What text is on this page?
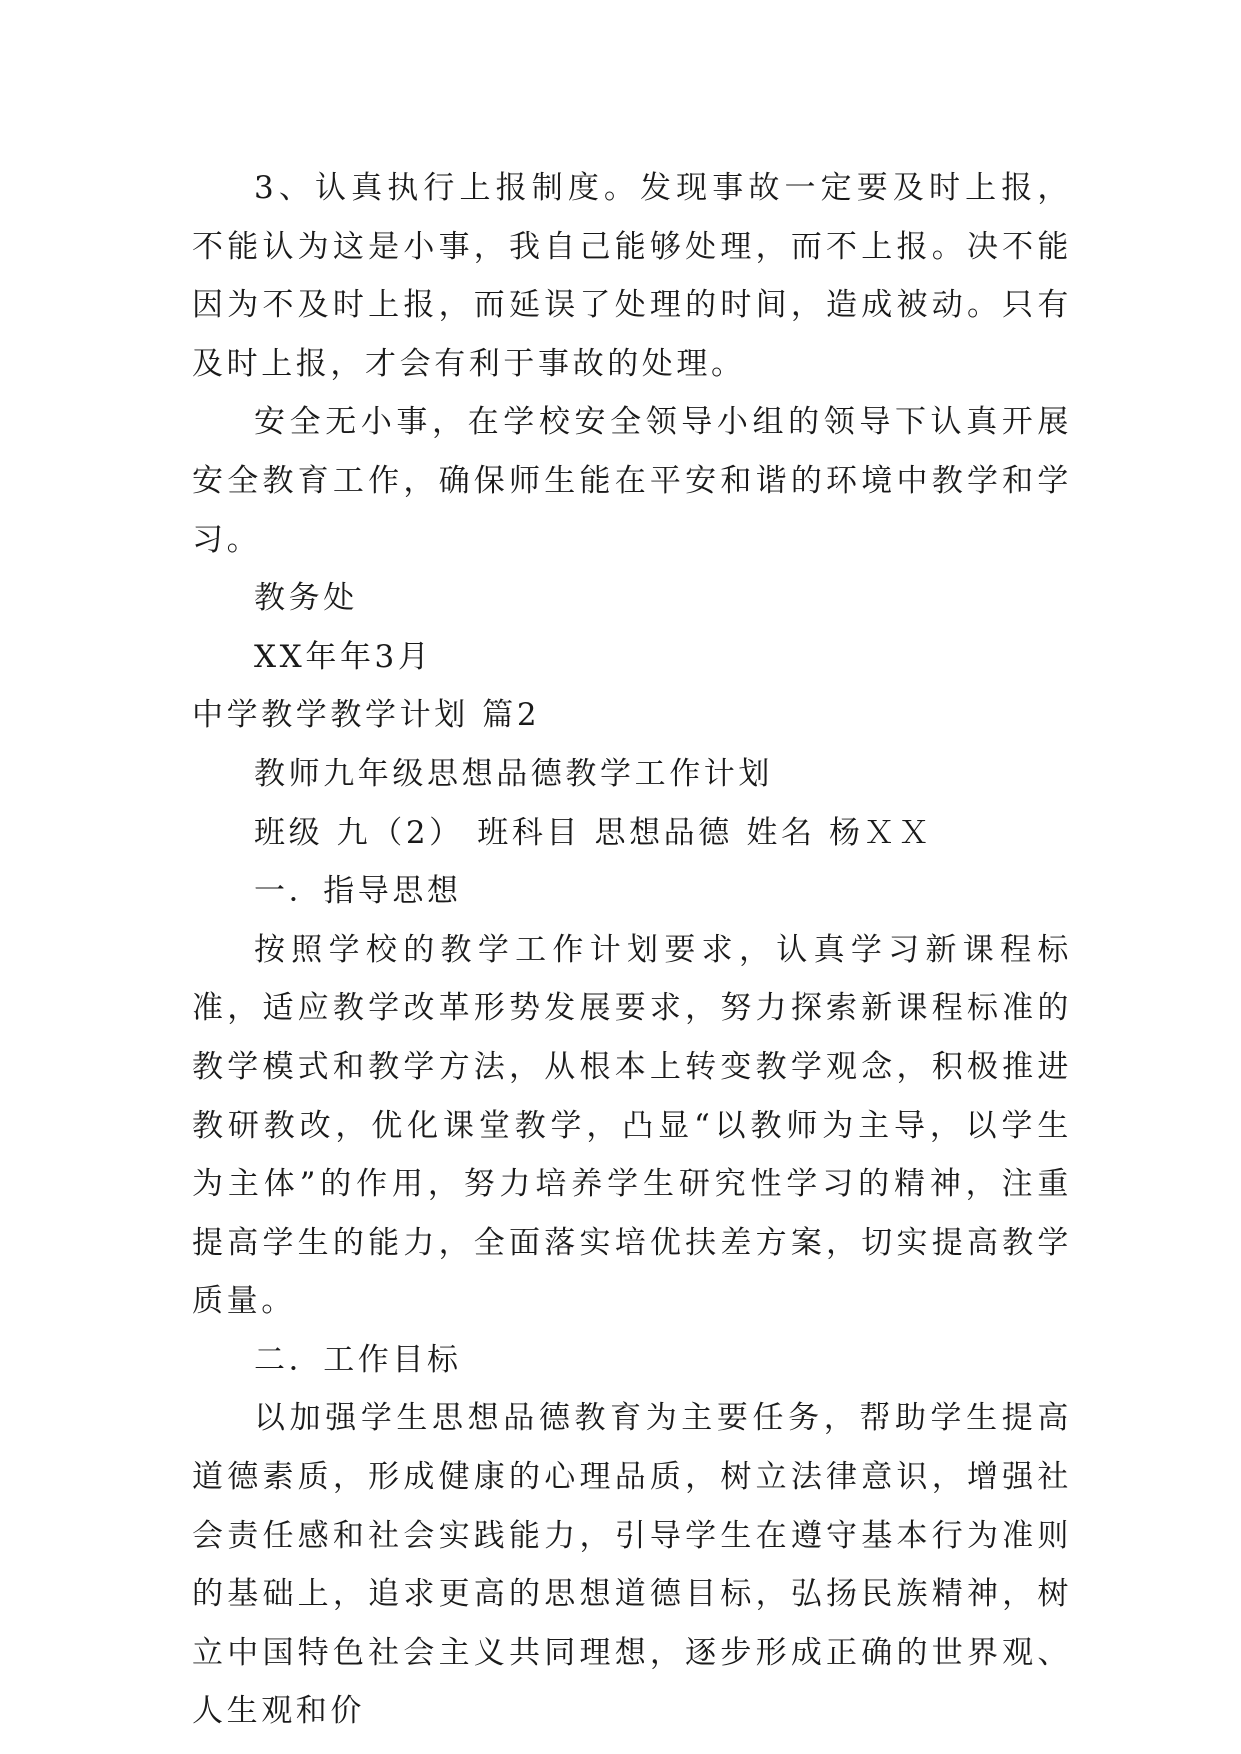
3、认真执行上报制度。发现事故一定要及时上报，不能认为这是小事，我自己能够处理，而不上报。决不能因为不及时上报，而延误了处理的时间，造成被动。只有及时上报，才会有利于事故的处理。

安全无小事，在学校安全领导小组的领导下认真开展安全教育工作，确保师生能在平安和谐的环境中教学和学习。

教务处

XX年年3月

中学教学教学计划 篇2

教师九年级思想品德教学工作计划

班级 九（2） 班科目 思想品德 姓名 杨ＸＸ

一．指导思想

按照学校的教学工作计划要求，认真学习新课程标准，适应教学改革形势发展要求，努力探索新课程标准的教学模式和教学方法，从根本上转变教学观念，积极推进教研教改，优化课堂教学，凸显“以教师为主导，以学生为主体”的作用，努力培养学生研究性学习的精神，注重提高学生的能力，全面落实培优扶差方案，切实提高教学质量。

二．工作目标

以加强学生思想品德教育为主要任务，帮助学生提高道德素质，形成健康的心理品质，树立法律意识，增强社会责任感和社会实践能力，引导学生在遵守基本行为准则的基础上，追求更高的思想道德目标，弘扬民族精神，树立中国特色社会主义共同理想，逐步形成正确的世界观、人生观和价
